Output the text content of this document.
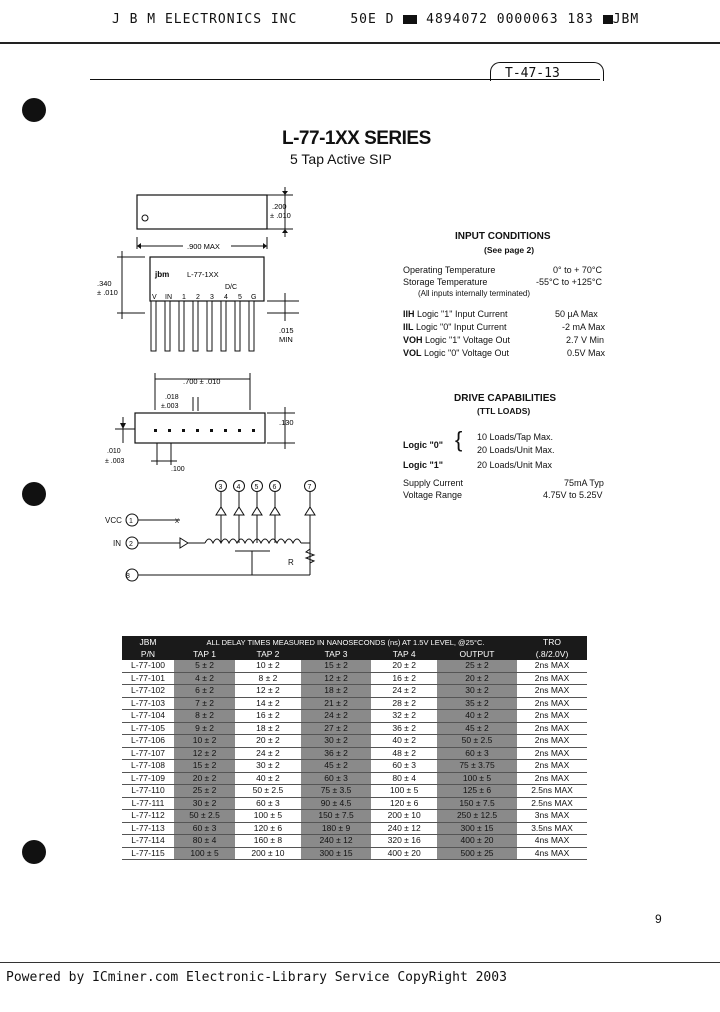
J B M ELECTRONICS INC	50E D 4894072 0000063 183 JBM
T-47-13
L-77-1XX SERIES
5 Tap Active SIP
.200
± .010
.900 MAX
jbm L-77-1XX
D/C
V IN 1 2 3 4 5 G
.340
± .010
.015
MIN
.700 ± .010
.018
±.003
.130
.010
± .003
.100
VCC 1	x
IN 2
R
8
3 4 5 6	7
INPUT CONDITIONS
(See page 2)
Operating Temperature	0° to + 70°C
Storage Temperature	-55°C to +125°C
(All inputs internally terminated)
IIH Logic "1" Input Current	50 µA Max
IIL Logic "0" Input Current	-2 mA Max
VOH Logic "1" Voltage Out	2.7 V Min
VOL Logic "0" Voltage Out	0.5V Max
DRIVE CAPABILITIES
(TTL LOADS)
Logic "0" { 10 Loads/Tap Max.
20 Loads/Unit Max.
Logic "1"	20 Loads/Unit Max
Supply Current	75mA Typ
Voltage Range	4.75V to 5.25V
JBM	ALL DELAY TIMES MEASURED IN NANOSECONDS (ns) AT 1.5V LEVEL, @25°C.					TRO
P/N	TAP 1	TAP 2	TAP 3	TAP 4	OUTPUT	(.8/2.0V)
L-77-100	5 ± 2	10 ± 2	15 ± 2	20 ± 2	25 ± 2	2ns MAX
L-77-101	4 ± 2	8 ± 2	12 ± 2	16 ± 2	20 ± 2	2ns MAX
L-77-102	6 ± 2	12 ± 2	18 ± 2	24 ± 2	30 ± 2	2ns MAX
L-77-103	7 ± 2	14 ± 2	21 ± 2	28 ± 2	35 ± 2	2ns MAX
L-77-104	8 ± 2	16 ± 2	24 ± 2	32 ± 2	40 ± 2	2ns MAX
L-77-105	9 ± 2	18 ± 2	27 ± 2	36 ± 2	45 ± 2	2ns MAX
L-77-106	10 ± 2	20 ± 2	30 ± 2	40 ± 2	50 ± 2.5	2ns MAX
L-77-107	12 ± 2	24 ± 2	36 ± 2	48 ± 2	60 ± 3	2ns MAX
L-77-108	15 ± 2	30 ± 2	45 ± 2	60 ± 3	75 ± 3.75	2ns MAX
L-77-109	20 ± 2	40 ± 2	60 ± 3	80 ± 4	100 ± 5	2ns MAX
L-77-110	25 ± 2	50 ± 2.5	75 ± 3.5	100 ± 5	125 ± 6	2.5ns MAX
L-77-111	30 ± 2	60 ± 3	90 ± 4.5	120 ± 6	150 ± 7.5	2.5ns MAX
L-77-112	50 ± 2.5	100 ± 5	150 ± 7.5	200 ± 10	250 ± 12.5	3ns MAX
L-77-113	60 ± 3	120 ± 6	180 ± 9	240 ± 12	300 ± 15	3.5ns MAX
L-77-114	80 ± 4	160 ± 8	240 ± 12	320 ± 16	400 ± 20	4ns MAX
L-77-115	100 ± 5	200 ± 10	300 ± 15	400 ± 20	500 ± 25	4ns MAX
9
Powered by ICminer.com Electronic-Library Service CopyRight 2003
